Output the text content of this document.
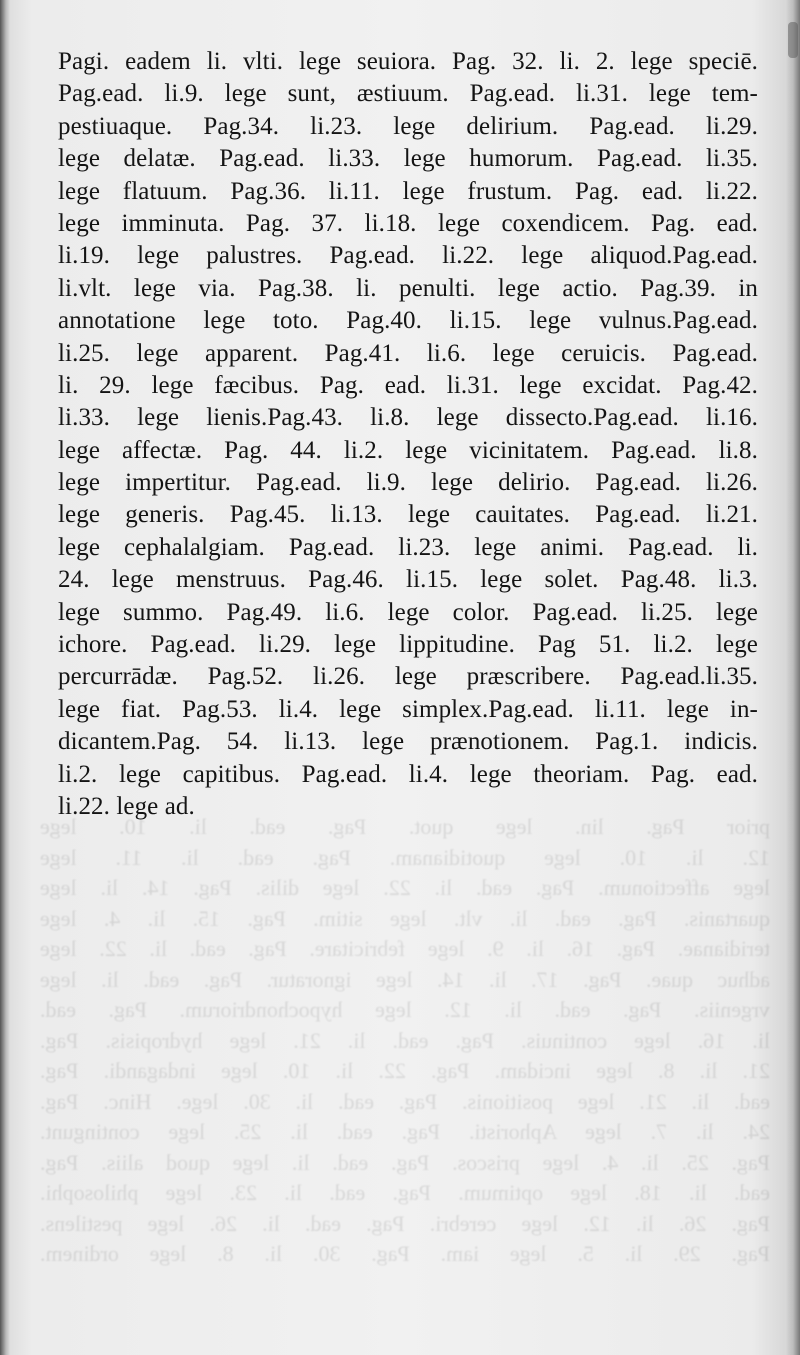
prior Pag. lin. lege quot. Pag. ead. li. 10. lege
12. li. 10. lege quotidianam. Pag. ead. li. 11. lege
lege affectionum. Pag. ead. li. 22. lege dilis. Pag. 14. li. lege
quartanis. Pag. ead. li. vlt. lege sitim. Pag. 15. li. 4. lege
teridianae. Pag. 16. li. 9. lege febricitare. Pag. ead. li. 22. lege
adhuc quae. Pag. 17. li. 14. lege ignoratur. Pag. ead. li. lege
vrgeniis. Pag. ead. li. 12. lege hypochondriorum. Pag. ead.
li. 16. lege continuis. Pag. ead. li. 21. lege hydropisis. Pag.
21. li. 8. lege incidam. Pag. 22. li. 10. lege indagandi. Pag.
ead. li. 21. lege positionis. Pag. ead. li. 30. lege. Hinc. Pag.
24. li. 7. lege Aphoristi. Pag. ead. li. 25. lege contingunt.
Pag. 25. li. 4. lege priscos. Pag. ead. li. lege quod aliis. Pag.
ead. li. 18. lege optimum. Pag. ead. li. 23. lege philosophi.
Pag. 26. li. 12. lege cerebri. Pag. ead. li. 26. lege pestilens.
Pag. 29. li. 5. lege iam. Pag. 30. li. 8. lege ordinem.
Pagi. eadem li. vlti. lege seuiora. Pag. 32. li. 2. lege speciē.
Pag.ead. li.9. lege sunt, æstiuum. Pag.ead. li.31. lege tem-
pestiuaque. Pag.34. li.23. lege delirium. Pag.ead. li.29.
lege delatæ. Pag.ead. li.33. lege humorum. Pag.ead. li.35.
lege flatuum. Pag.36. li.11. lege frustum. Pag. ead. li.22.
lege imminuta. Pag. 37. li.18. lege coxendicem. Pag. ead.
li.19. lege palustres. Pag.ead. li.22. lege aliquod.Pag.ead.
li.vlt. lege via. Pag.38. li. penulti. lege actio. Pag.39. in
annotatione lege toto. Pag.40. li.15. lege vulnus.Pag.ead.
li.25. lege apparent. Pag.41. li.6. lege ceruicis. Pag.ead.
li. 29. lege fæcibus. Pag. ead. li.31. lege excidat. Pag.42.
li.33. lege lienis.Pag.43. li.8. lege dissecto.Pag.ead. li.16.
lege affectæ. Pag. 44. li.2. lege vicinitatem. Pag.ead. li.8.
lege impertitur. Pag.ead. li.9. lege delirio. Pag.ead. li.26.
lege generis. Pag.45. li.13. lege cauitates. Pag.ead. li.21.
lege cephalalgiam. Pag.ead. li.23. lege animi. Pag.ead. li.
24. lege menstruus. Pag.46. li.15. lege solet. Pag.48. li.3.
lege summo. Pag.49. li.6. lege color. Pag.ead. li.25. lege
ichore. Pag.ead. li.29. lege lippitudine. Pag 51. li.2. lege
percurrādæ. Pag.52. li.26. lege præscribere. Pag.ead.li.35.
lege fiat. Pag.53. li.4. lege simplex.Pag.ead. li.11. lege in-
dicantem.Pag. 54. li.13. lege prænotionem. Pag.1. indicis.
li.2. lege capitibus. Pag.ead. li.4. lege theoriam. Pag. ead.
li.22. lege ad.
